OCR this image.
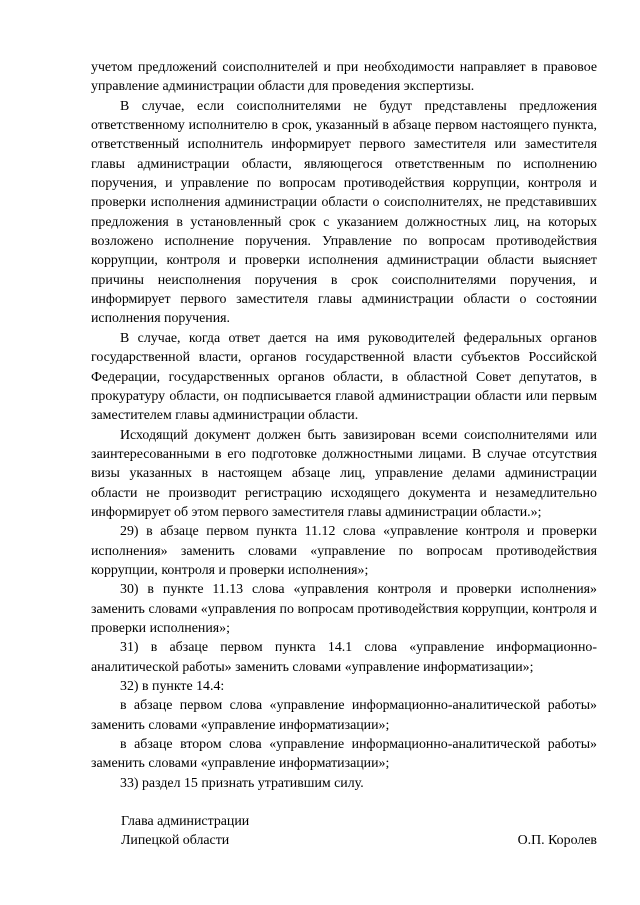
учетом предложений соисполнителей и при необходимости направляет в правовое управление администрации области для проведения экспертизы.

В случае, если соисполнителями не будут представлены предложения ответственному исполнителю в срок, указанный в абзаце первом настоящего пункта, ответственный исполнитель информирует первого заместителя или заместителя главы администрации области, являющегося ответственным по исполнению поручения, и управление по вопросам противодействия коррупции, контроля и проверки исполнения администрации области о соисполнителях, не представивших предложения в установленный срок с указанием должностных лиц, на которых возложено исполнение поручения. Управление по вопросам противодействия коррупции, контроля и проверки исполнения администрации области выясняет причины неисполнения поручения в срок соисполнителями поручения, и информирует первого заместителя главы администрации области о состоянии исполнения поручения.

В случае, когда ответ дается на имя руководителей федеральных органов государственной власти, органов государственной власти субъектов Российской Федерации, государственных органов области, в областной Совет депутатов, в прокуратуру области, он подписывается главой администрации области или первым заместителем главы администрации области.

Исходящий документ должен быть завизирован всеми соисполнителями или заинтересованными в его подготовке должностными лицами. В случае отсутствия визы указанных в настоящем абзаце лиц, управление делами администрации области не производит регистрацию исходящего документа и незамедлительно информирует об этом первого заместителя главы администрации области.»;

29) в абзаце первом пункта 11.12 слова «управление контроля и проверки исполнения» заменить словами «управление по вопросам противодействия коррупции, контроля и проверки исполнения»;

30) в пункте 11.13 слова «управления контроля и проверки исполнения» заменить словами «управления по вопросам противодействия коррупции, контроля и проверки исполнения»;

31) в абзаце первом пункта 14.1 слова «управление информационно-аналитической работы» заменить словами «управление информатизации»;

32) в пункте 14.4:

в абзаце первом слова «управление информационно-аналитической работы» заменить словами «управление информатизации»;

в абзаце втором слова «управление информационно-аналитической работы» заменить словами «управление информатизации»;

33) раздел 15 признать утратившим силу.

Глава администрации
Липецкой области	О.П. Королев
